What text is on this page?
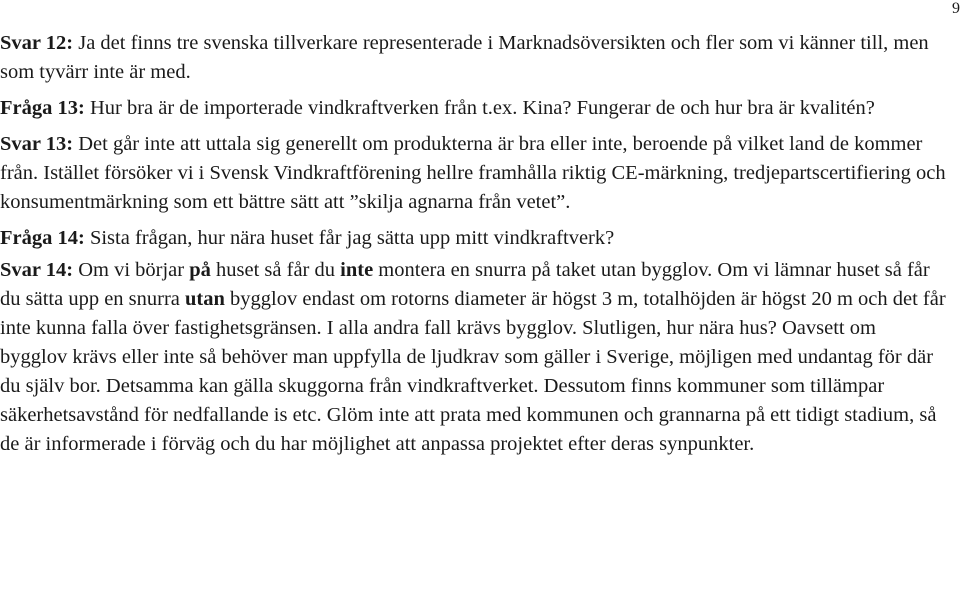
9

Svar 12: Ja det finns tre svenska tillverkare representerade i Marknadsöversikten och fler som vi känner till, men som tyvärr inte är med.

Fråga 13: Hur bra är de importerade vindkraftverken från t.ex. Kina? Fungerar de och hur bra är kvalitén?

Svar 13: Det går inte att uttala sig generellt om produkterna är bra eller inte, beroende på vilket land de kommer från. Istället försöker vi i Svensk Vindkraftförening hellre framhålla riktig CE-märkning, tredjepartscertifiering och konsumentmärkning som ett bättre sätt att ”skilja agnarna från vetet”.

Fråga 14: Sista frågan, hur nära huset får jag sätta upp mitt vindkraftverk?

Svar 14: Om vi börjar på huset så får du inte montera en snurra på taket utan bygglov. Om vi lämnar huset så får du sätta upp en snurra utan bygglov endast om rotorns diameter är högst 3 m, totalhöjden är högst 20 m och det får inte kunna falla över fastighetsgränsen. I alla andra fall krävs bygglov. Slutligen, hur nära hus? Oavsett om bygglov krävs eller inte så behöver man uppfylla de ljudkrav som gäller i Sverige, möjligen med undantag för där du själv bor. Detsamma kan gälla skuggorna från vindkraftverket. Dessutom finns kommuner som tillämpar säkerhetsavstånd för nedfallande is etc. Glöm inte att prata med kommunen och grannarna på ett tidigt stadium, så de är informerade i förväg och du har möjlighet att anpassa projektet efter deras synpunkter.
